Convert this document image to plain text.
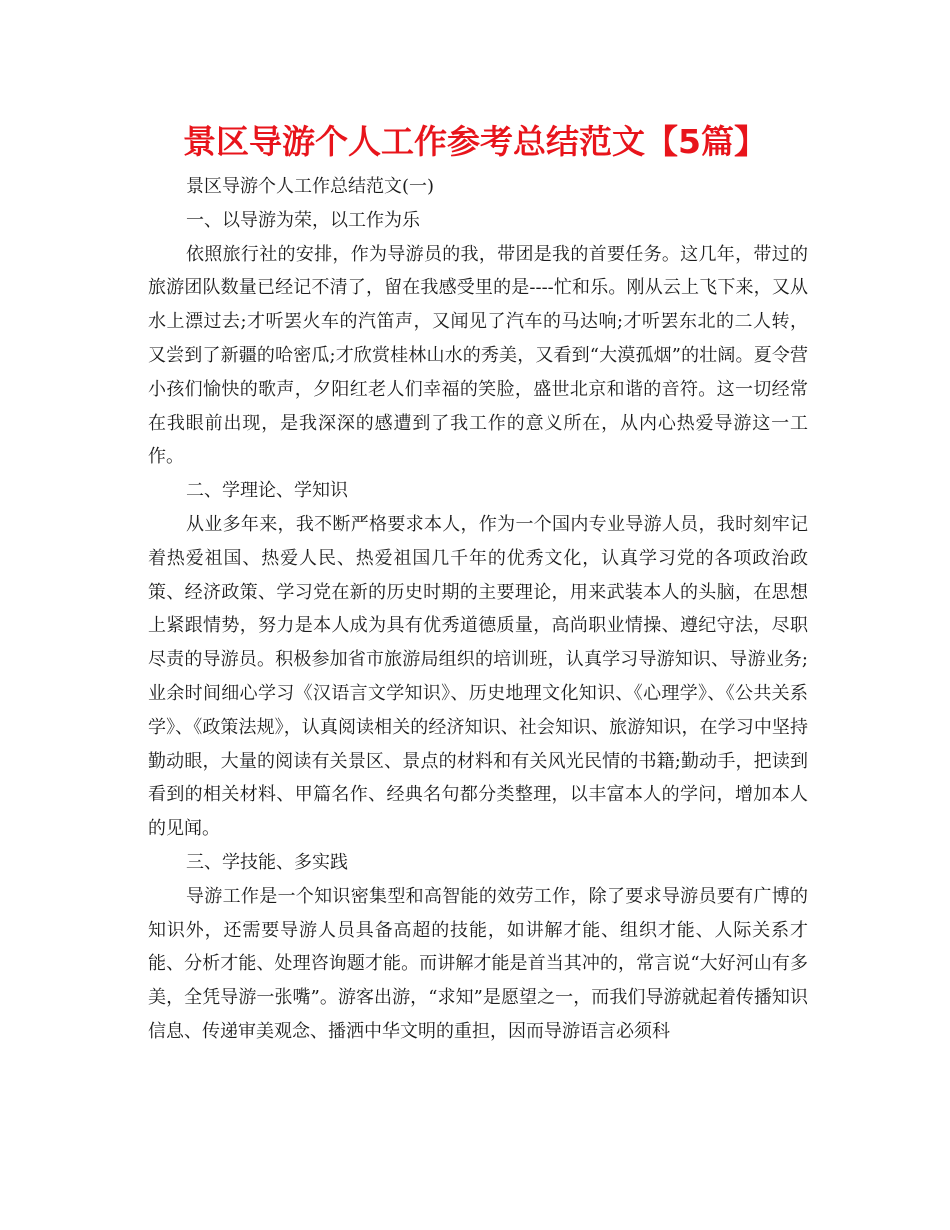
景区导游个人工作参考总结范文【5篇】

景区导游个人工作总结范文(一)

一、以导游为荣，以工作为乐

依照旅行社的安排，作为导游员的我，带团是我的首要任务。这几年，带过的旅游团队数量已经记不清了，留在我感受里的是----忙和乐。刚从云上飞下来，又从水上漂过去;才听罢火车的汽笛声，又闻见了汽车的马达响;才听罢东北的二人转，又尝到了新疆的哈密瓜;才欣赏桂林山水的秀美，又看到“大漠孤烟”的壮阔。夏令营小孩们愉快的歌声，夕阳红老人们幸福的笑脸，盛世北京和谐的音符。这一切经常在我眼前出现，是我深深的感遭到了我工作的意义所在，从内心热爱导游这一工作。

二、学理论、学知识

从业多年来，我不断严格要求本人，作为一个国内专业导游人员，我时刻牢记着热爱祖国、热爱人民、热爱祖国几千年的优秀文化，认真学习党的各项政治政策、经济政策、学习党在新的历史时期的主要理论，用来武装本人的头脑，在思想上紧跟情势，努力是本人成为具有优秀道德质量，高尚职业情操、遵纪守法，尽职尽责的导游员。积极参加省市旅游局组织的培训班，认真学习导游知识、导游业务;业余时间细心学习《汉语言文学知识》、历史地理文化知识、《心理学》、《公共关系学》、《政策法规》，认真阅读相关的经济知识、社会知识、旅游知识，在学习中坚持勤动眼，大量的阅读有关景区、景点的材料和有关风光民情的书籍;勤动手，把读到看到的相关材料、甲篇名作、经典名句都分类整理，以丰富本人的学问，增加本人的见闻。

三、学技能、多实践

导游工作是一个知识密集型和高智能的效劳工作，除了要求导游员要有广博的知识外，还需要导游人员具备高超的技能，如讲解才能、组织才能、人际关系才能、分析才能、处理咨询题才能。而讲解才能是首当其冲的，常言说“大好河山有多美，全凭导游一张嘴”。游客出游，“求知”是愿望之一，而我们导游就起着传播知识信息、传递审美观念、播洒中华文明的重担，因而导游语言必须科
